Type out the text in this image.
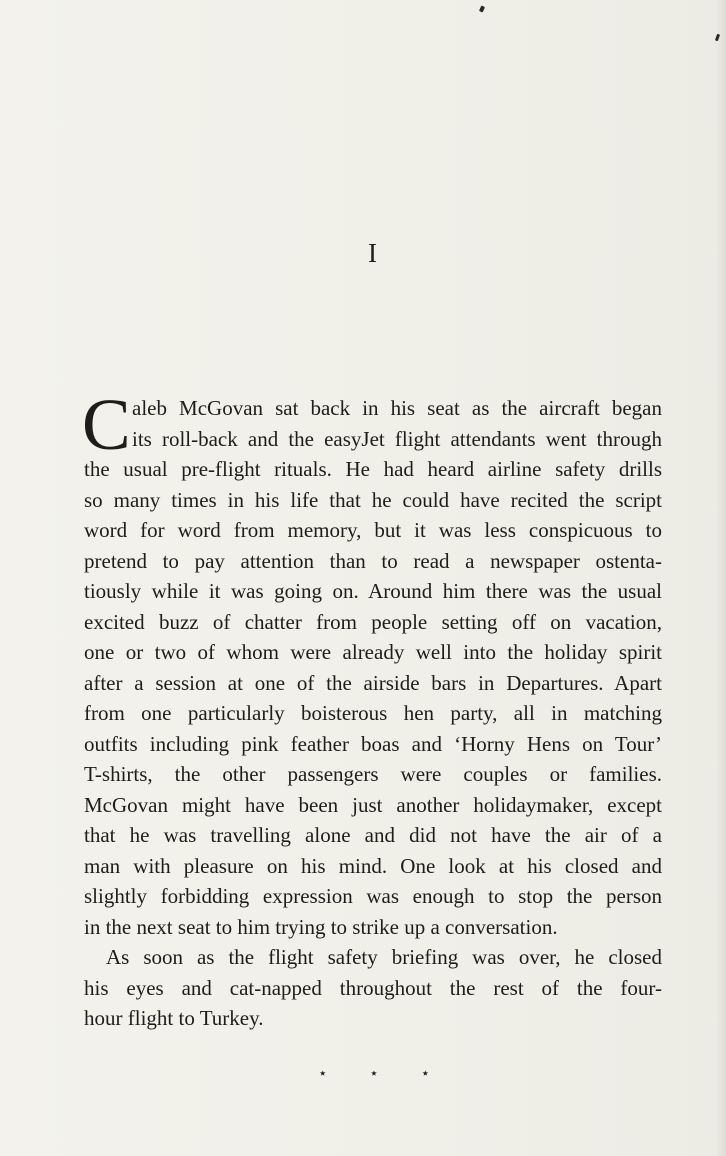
I
C aleb McGovan sat back in his seat as the aircraft began
its roll-back and the easyJet flight attendants went through
the usual pre-flight rituals. He had heard airline safety drills
so many times in his life that he could have recited the script
word for word from memory, but it was less conspicuous to
pretend to pay attention than to read a newspaper ostenta-
tiously while it was going on. Around him there was the usual
excited buzz of chatter from people setting off on vacation,
one or two of whom were already well into the holiday spirit
after a session at one of the airside bars in Departures. Apart
from one particularly boisterous hen party, all in matching
outfits including pink feather boas and ‘Horny Hens on Tour’
T-shirts, the other passengers were couples or families.
McGovan might have been just another holidaymaker, except
that he was travelling alone and did not have the air of a
man with pleasure on his mind. One look at his closed and
slightly forbidding expression was enough to stop the person
in the next seat to him trying to strike up a conversation.
As soon as the flight safety briefing was over, he closed
his eyes and cat-napped throughout the rest of the four-
hour flight to Turkey.
⋆	⋆	⋆
